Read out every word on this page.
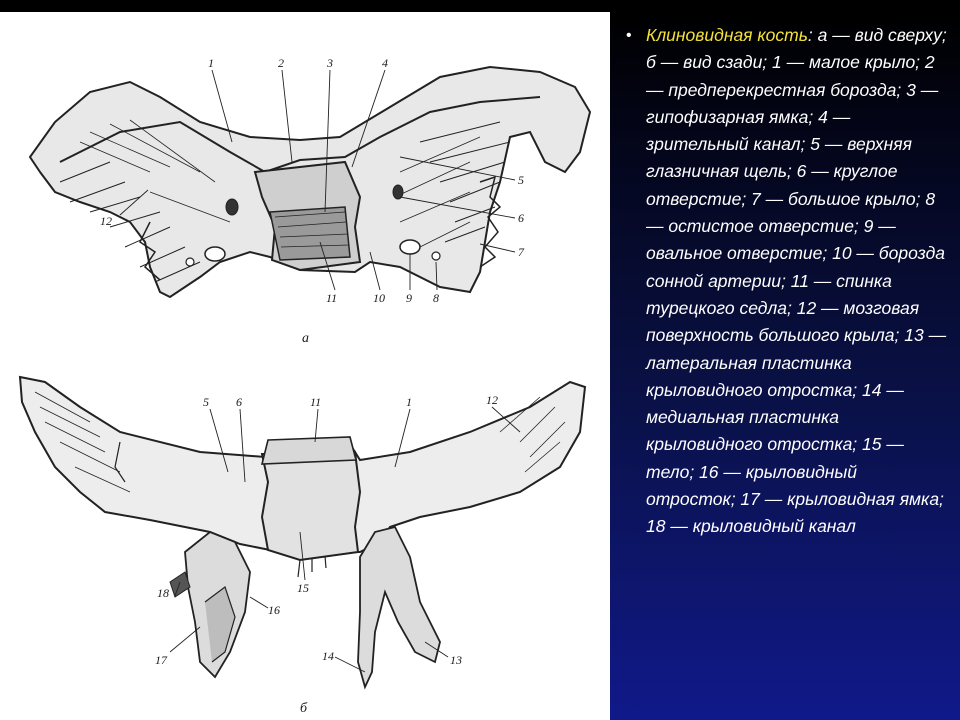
1	2	3	4
5
6
7
8
9
10
11
12
а
5 6	11	1	12
18	15
16
17	14	13
б
• Клиновидная кость: а — вид сверху; б — вид сзади; 1 — малое крыло; 2 — предперекрестная борозда; 3 — гипофизарная ямка; 4 — зрительный канал; 5 — верхняя глазничная щель; 6 — круглое отверстие; 7 — большое крыло; 8 — остистое отверстие; 9 — овальное отверстие; 10 — борозда сонной артерии; 11 — спинка турецкого седла; 12 — мозговая поверхность большого крыла; 13 — латеральная пластинка крыловидного отростка; 14 — медиальная пластинка крыловидного отростка; 15 — тело; 16 — крыловидный отросток; 17 — крыловидная ямка; 18 — крыловидный канал
